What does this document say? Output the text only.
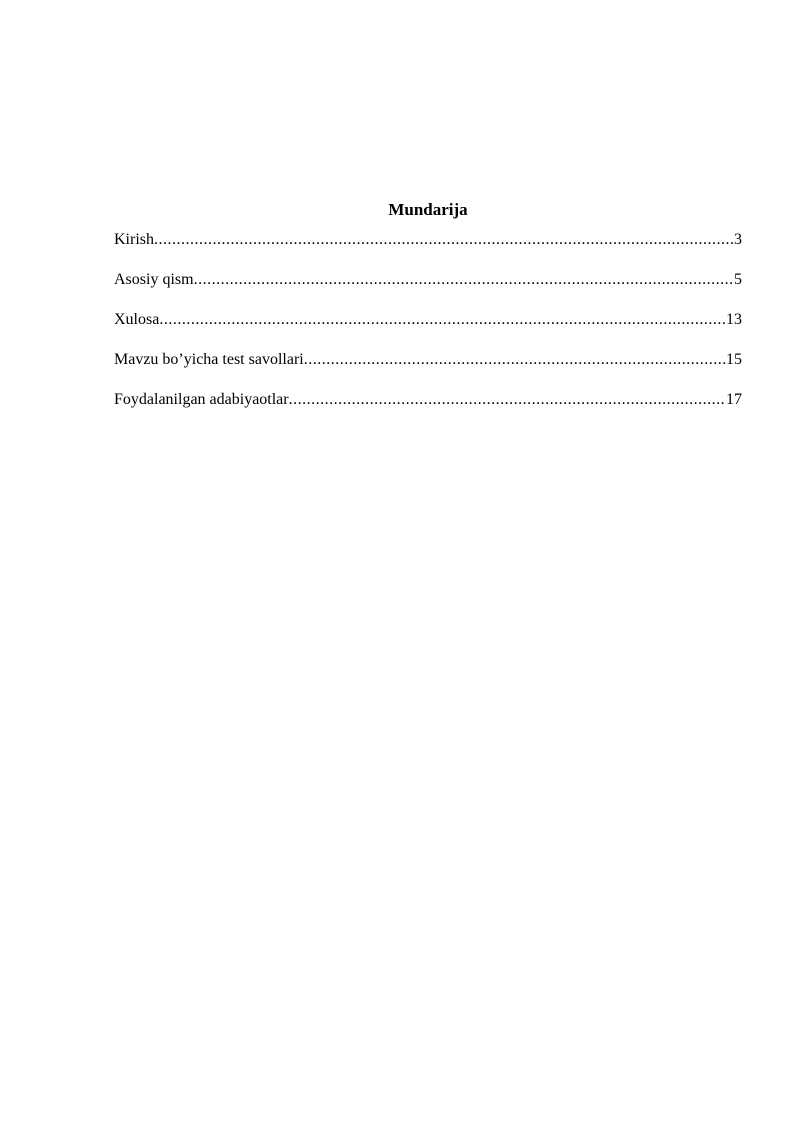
Mundarija
Kirish .....	3
Asosiy qism .....	5
Xulosa .....	13
Mavzu bo’yicha test savollari .....	15
Foydalanilgan adabiyaotlar .....	17
